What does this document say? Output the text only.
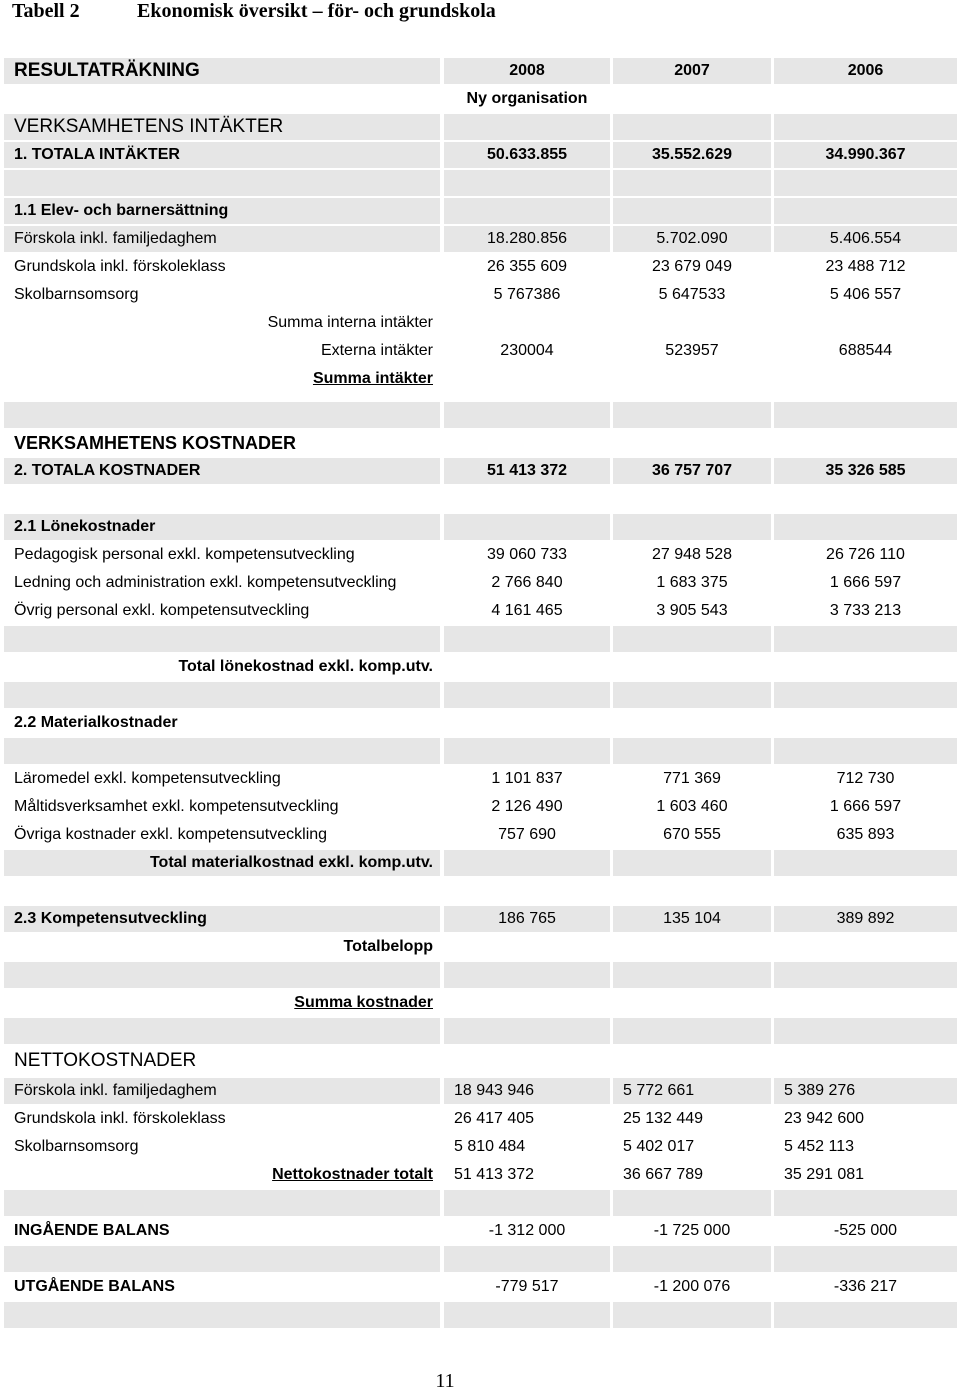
Tabell 2	Ekonomisk översikt – för- och grundskola
RESULTATRÄKNING	2008	2007	2006
Ny organisation
VERKSAMHETENS INTÄKTER
1. TOTALA INTÄKTER	50.633.855	35.552.629	34.990.367
1.1 Elev- och barnersättning
Förskola inkl. familjedaghem	18.280.856	5.702.090	5.406.554
Grundskola inkl. förskoleklass	26 355 609	23 679 049	23 488 712
Skolbarnsomsorg	5 767386	5 647533	5 406 557
Summa interna intäkter
Externa intäkter	230004	523957	688544
Summa intäkter
VERKSAMHETENS KOSTNADER
2. TOTALA KOSTNADER	51 413 372	36 757 707	35 326 585
2.1 Lönekostnader
Pedagogisk personal exkl. kompetensutveckling	39 060 733	27 948 528	26 726 110
Ledning och administration exkl. kompetensutveckling	2 766 840	1 683 375	1 666 597
Övrig personal exkl. kompetensutveckling	4 161 465	3 905 543	3 733 213
Total lönekostnad exkl. komp.utv.
2.2 Materialkostnader
Läromedel exkl. kompetensutveckling	1 101 837	771 369	712 730
Måltidsverksamhet exkl. kompetensutveckling	2 126 490	1 603 460	1 666 597
Övriga kostnader exkl. kompetensutveckling	757 690	670 555	635 893
Total materialkostnad exkl. komp.utv.
2.3 Kompetensutveckling	186 765	135 104	389 892
Totalbelopp
Summa kostnader
NETTOKOSTNADER
Förskola inkl. familjedaghem	18 943 946	5 772 661	5 389 276
Grundskola inkl. förskoleklass	26 417 405	25 132 449	23 942 600
Skolbarnsomsorg	5 810 484	5 402 017	5 452 113
Nettokostnader totalt	51 413 372	36 667 789	35 291 081
INGÅENDE BALANS	-1 312 000	-1 725 000	-525 000
UTGÅENDE BALANS	-779 517	-1 200 076	-336 217
11
